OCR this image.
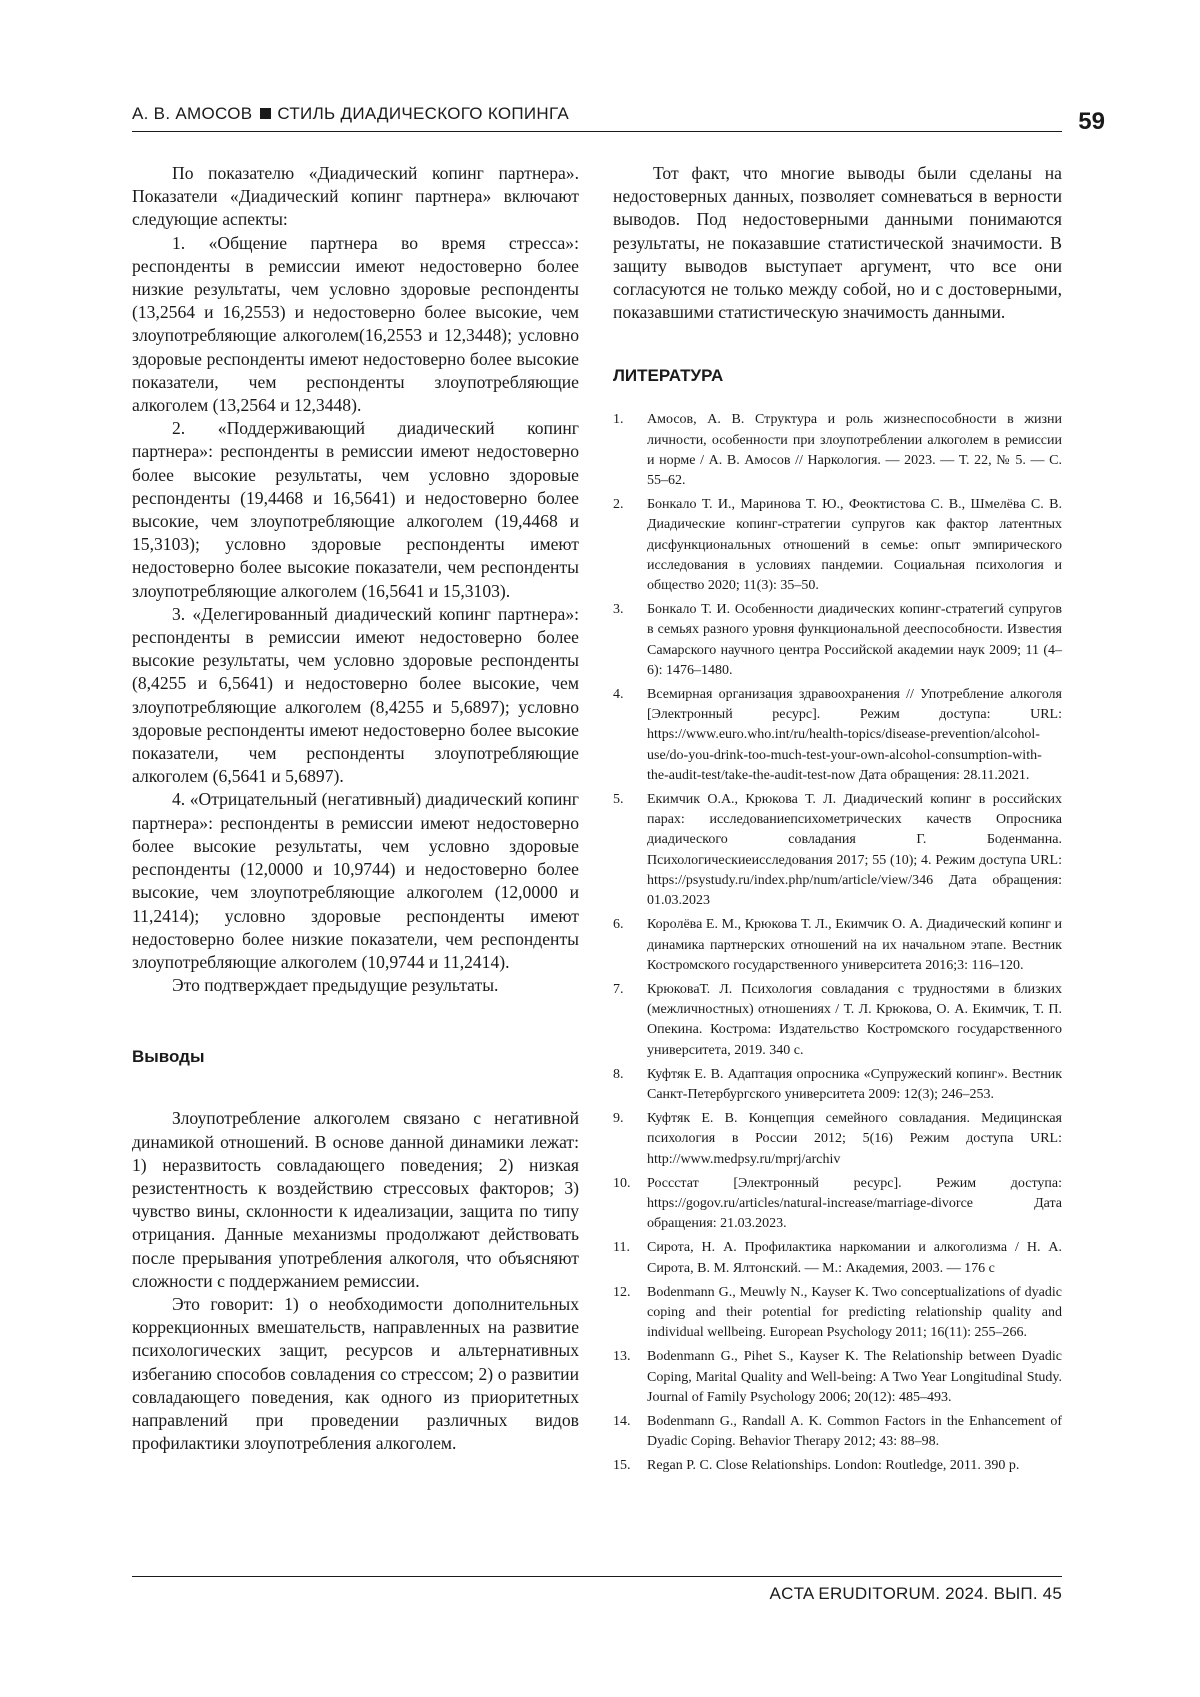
А. В. АМОСОВ СТИЛЬ ДИАДИЧЕСКОГО КОПИНГА	59

По показателю «Диадический копинг партнера». Показатели «Диадический копинг партнера» включают следующие аспекты:

1. «Общение партнера во время стресса»: респонденты в ремиссии имеют недостоверно более низкие результаты, чем условно здоровые респонденты (13,2564 и 16,2553) и недостоверно более высокие, чем злоупотребляющие алкоголем(16,2553 и 12,3448); условно здоровые респонденты имеют недостоверно более высокие показатели, чем респонденты злоупотребляющие алкоголем (13,2564 и 12,3448).

2. «Поддерживающий диадический копинг партнера»: респонденты в ремиссии имеют недостоверно более высокие результаты, чем условно здоровые респонденты (19,4468 и 16,5641) и недостоверно более высокие, чем злоупотребляющие алкоголем (19,4468 и 15,3103); условно здоровые респонденты имеют недостоверно более высокие показатели, чем респонденты злоупотребляющие алкоголем (16,5641 и 15,3103).

3. «Делегированный диадический копинг партнера»: респонденты в ремиссии имеют недостоверно более высокие результаты, чем условно здоровые респонденты (8,4255 и 6,5641) и недостоверно более высокие, чем злоупотребляющие алкоголем (8,4255 и 5,6897); условно здоровые респонденты имеют недостоверно более высокие показатели, чем респонденты злоупотребляющие алкоголем (6,5641 и 5,6897).

4. «Отрицательный (негативный) диадический копинг партнера»: респонденты в ремиссии имеют недостоверно более высокие результаты, чем условно здоровые респонденты (12,0000 и 10,9744) и недостоверно более высокие, чем злоупотребляющие алкоголем (12,0000 и 11,2414); условно здоровые респонденты имеют недостоверно более низкие показатели, чем респонденты злоупотребляющие алкоголем (10,9744 и 11,2414).

Это подтверждает предыдущие результаты.

Выводы

Злоупотребление алкоголем связано с негативной динамикой отношений. В основе данной динамики лежат: 1) неразвитость совладающего поведения; 2) низкая резистентность к воздействию стрессовых факторов; 3) чувство вины, склонности к идеализации, защита по типу отрицания. Данные механизмы продолжают действовать после прерывания употребления алкоголя, что объясняют сложности с поддержанием ремиссии.

Это говорит: 1) о необходимости дополнительных коррекционных вмешательств, направленных на развитие психологических защит, ресурсов и альтернативных избеганию способов совладения со стрессом; 2) о развитии совладающего поведения, как одного из приоритетных направлений при проведении различных видов профилактики злоупотребления алкоголем.

Тот факт, что многие выводы были сделаны на недостоверных данных, позволяет сомневаться в верности выводов. Под недостоверными данными понимаются результаты, не показавшие статистической значимости. В защиту выводов выступает аргумент, что все они согласуются не только между собой, но и с достоверными, показавшими статистическую значимость данными.

ЛИТЕРАТУРА
1.	Амосов, А. В. Структура и роль жизнеспособности в жизни личности, особенности при злоупотреблении алкоголем в ремиссии и норме / А. В. Амосов // Наркология. — 2023. — Т. 22, № 5. — С. 55–62.
2.	Бонкало Т. И., Маринова Т. Ю., Феоктистова С. В., Шмелёва С. В. Диадические копинг-стратегии супругов как фактор латентных дисфункциональных отношений в семье: опыт эмпирического исследования в условиях пандемии. Социальная психология и общество 2020; 11(3): 35–50.
3.	Бонкало Т. И. Особенности диадических копинг-стратегий супругов в семьях разного уровня функциональной дееспособности. Известия Самарского научного центра Российской академии наук 2009; 11 (4–6): 1476–1480.
4.	Всемирная организация здравоохранения // Употребление алкоголя [Электронный ресурс]. Режим доступа: URL: https://www.euro.who.int/ru/health-topics/disease-prevention/alcohol-use/do-you-drink-too-much-test-your-own-alcohol-consumption-with-the-audit-test/take-the-audit-test-now Дата обращения: 28.11.2021.
5.	Екимчик О.А., Крюкова Т. Л. Диадический копинг в российских парах: исследованиепсихометрических качеств Опросника диадического совладания Г. Боденманна. Психологическиеисследования 2017; 55 (10); 4. Режим доступа URL: https://psystudy.ru/index.php/num/article/view/346 Дата обращения: 01.03.2023
6.	Королёва Е. М., Крюкова Т. Л., Екимчик О. А. Диадический копинг и динамика партнерских отношений на их начальном этапе. Вестник Костромского государственного университета 2016;3: 116–120.
7.	КрюковаТ. Л. Психология совладания с трудностями в близких (межличностных) отношениях / Т. Л. Крюкова, О. А. Екимчик, Т. П. Опекина. Кострома: Издательство Костромского государственного университета, 2019. 340 с.
8.	Куфтяк Е. В. Адаптация опросника «Супружеский копинг». Вестник Санкт-Петербургского университета 2009: 12(3); 246–253.
9.	Куфтяк Е. В. Концепция семейного совладания. Медицинская психология в России 2012; 5(16) Режим доступа URL: http://www.medpsy.ru/mprj/archiv
10.	Россстат [Электронный ресурс]. Режим доступа: https://gogov.ru/articles/natural-increase/marriage-divorce Дата обращения: 21.03.2023.
11.	Сирота, Н. А. Профилактика наркомании и алкоголизма / Н. А. Сирота, В. М. Ялтонский. — М.: Академия, 2003. — 176 с
12.	Bodenmann G., Meuwly N., Kayser K. Two conceptualizations of dyadic coping and their potential for predicting relationship quality and individual wellbeing. European Psychology 2011; 16(11): 255–266.
13.	Bodenmann G., Pihet S., Kayser K. The Relationship between Dyadic Coping, Marital Quality and Well-being: A Two Year Longitudinal Study. Journal of Family Psychology 2006; 20(12): 485–493.
14.	Bodenmann G., Randall A. K. Common Factors in the Enhancement of Dyadic Coping. Behavior Therapy 2012; 43: 88–98.
15.	Regan P. C. Close Relationships. London: Routledge, 2011. 390 p.
ACTA ERUDITORUM. 2024. ВЫП. 45
